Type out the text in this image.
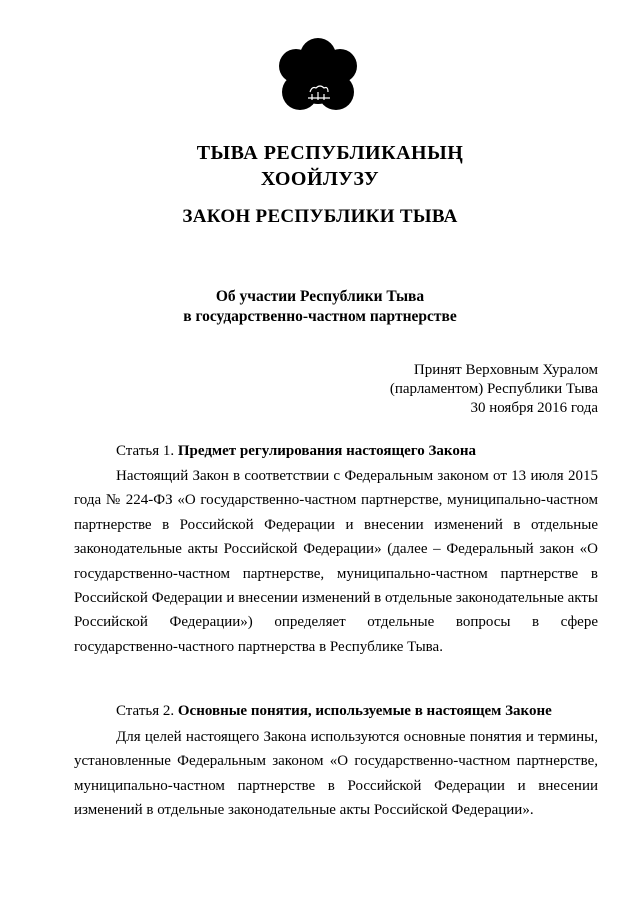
ТЫВА РЕСПУБЛИКАНЫҢ
ХООЙЛУЗУ
ЗАКОН РЕСПУБЛИКИ ТЫВА
Об участии Республики Тыва
в государственно-частном партнерстве
Принят Верховным Хуралом
(парламентом) Республики Тыва
30 ноября 2016 года
Статья 1. Предмет регулирования настоящего Закона

Настоящий Закон в соответствии с Федеральным законом от 13 июля 2015 года № 224-ФЗ «О государственно-частном партнерстве, муниципально-частном партнерстве в Российской Федерации и внесении изменений в отдельные законодательные акты Российской Федерации» (далее – Федеральный закон «О государственно-частном партнерстве, муниципально-частном партнерстве в Российской Федерации и внесении изменений в отдельные законодательные акты Российской Федерации») определяет отдельные вопросы в сфере государственно-частного партнерства в Республике Тыва.

Статья 2. Основные понятия, используемые в настоящем Законе

Для целей настоящего Закона используются основные понятия и термины, установленные Федеральным законом «О государственно-частном партнерстве, муниципально-частном партнерстве в Российской Федерации и внесении изменений в отдельные законодательные акты Российской Федерации».
